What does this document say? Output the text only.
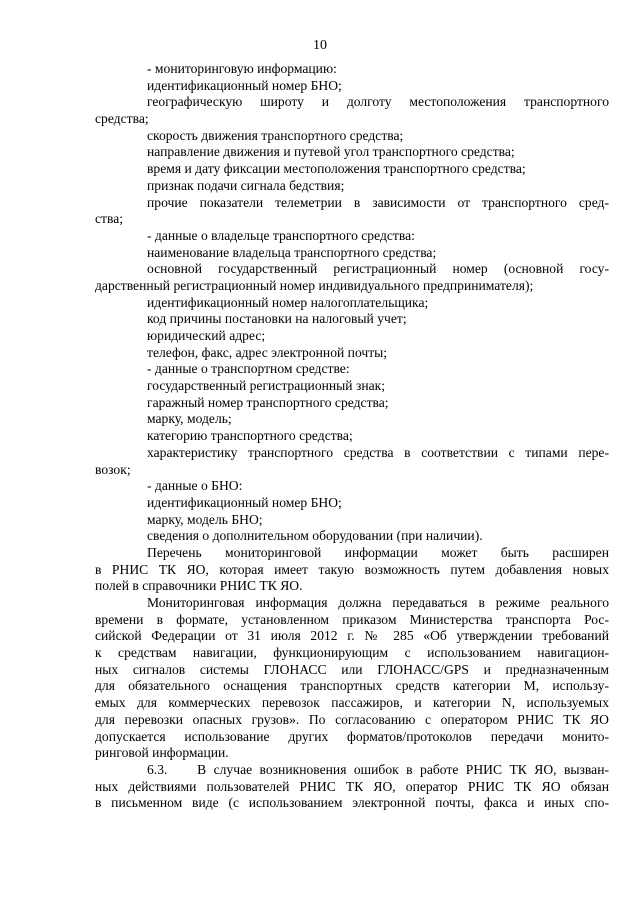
10
- мониторинговую информацию:
идентификационный номер БНО;
географическую широту и долготу местоположения транспортного
средства;
скорость движения транспортного средства;
направление движения и путевой угол транспортного средства;
время и дату фиксации местоположения транспортного средства;
признак подачи сигнала бедствия;
прочие показатели телеметрии в зависимости от транспортного сред-
ства;
- данные о владельце транспортного средства:
наименование владельца транспортного средства;
основной государственный регистрационный номер (основной госу-
дарственный регистрационный номер индивидуального предпринимателя);
идентификационный номер налогоплательщика;
код причины постановки на налоговый учет;
юридический адрес;
телефон, факс, адрес электронной почты;
- данные о транспортном средстве:
государственный регистрационный знак;
гаражный номер транспортного средства;
марку, модель;
категорию транспортного средства;
характеристику транспортного средства в соответствии с типами пере-
возок;
- данные о БНО:
идентификационный номер БНО;
марку, модель БНО;
сведения о дополнительном оборудовании (при наличии).
Перечень мониторинговой информации может быть расширен
в РНИС ТК ЯО, которая имеет такую возможность путем добавления новых
полей в справочники РНИС ТК ЯО.
Мониторинговая информация должна передаваться в режиме реального
времени в формате, установленном приказом Министерства транспорта Рос-
сийской Федерации от 31 июля 2012 г. № 285 «Об утверждении требований
к средствам навигации, функционирующим с использованием навигацион-
ных сигналов системы ГЛОНАСС или ГЛОНАСС/GPS и предназначенным
для обязательного оснащения транспортных средств категории M, использу-
емых для коммерческих перевозок пассажиров, и категории N, используемых
для перевозки опасных грузов». По согласованию с оператором РНИС ТК ЯО
допускается использование других форматов/протоколов передачи монито-
ринговой информации.
6.3.    В случае возникновения ошибок в работе РНИС ТК ЯО, вызван-
ных действиями пользователей РНИС ТК ЯО, оператор РНИС ТК ЯО обязан
в письменном виде (с использованием электронной почты, факса и иных спо-
